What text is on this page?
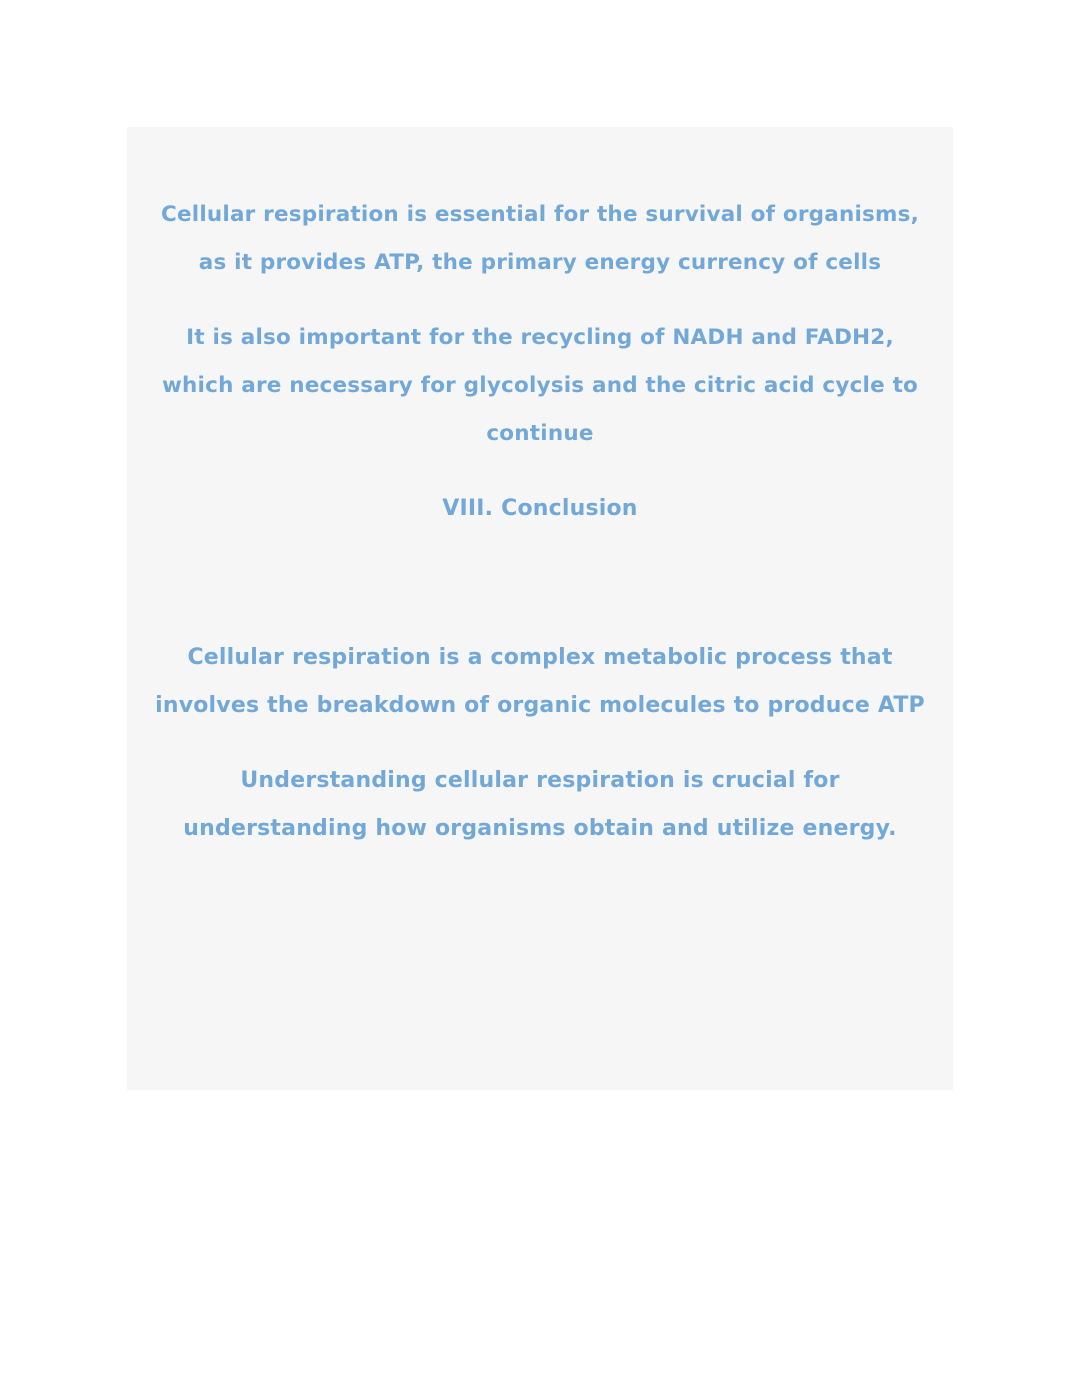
Cellular respiration is essential for the survival of organisms,
as it provides ATP, the primary energy currency of cells

It is also important for the recycling of NADH and FADH2,
which are necessary for glycolysis and the citric acid cycle to
continue

VIII. Conclusion

Cellular respiration is a complex metabolic process that
involves the breakdown of organic molecules to produce ATP

Understanding cellular respiration is crucial for
understanding how organisms obtain and utilize energy.
